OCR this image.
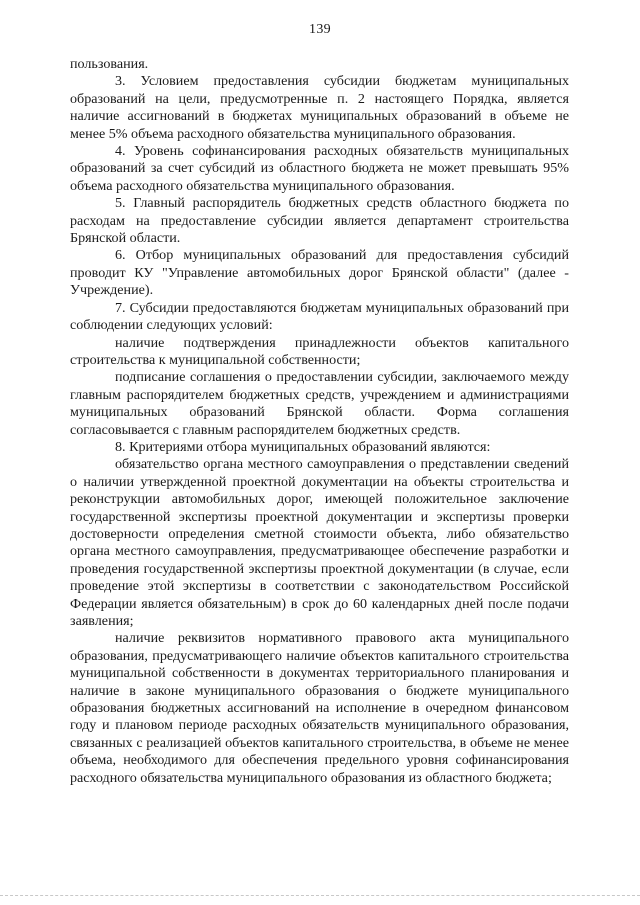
139

пользования.

3. Условием предоставления субсидии бюджетам муниципальных образований на цели, предусмотренные п. 2 настоящего Порядка, является наличие ассигнований в бюджетах муниципальных образований в объеме не менее 5% объема расходного обязательства муниципального образования.

4. Уровень софинансирования расходных обязательств муниципальных образований за счет субсидий из областного бюджета не может превышать 95% объема расходного обязательства муниципального образования.

5. Главный распорядитель бюджетных средств областного бюджета по расходам на предоставление субсидии является департамент строительства Брянской области.

6. Отбор муниципальных образований для предоставления субсидий проводит КУ "Управление автомобильных дорог Брянской области" (далее - Учреждение).

7. Субсидии предоставляются бюджетам муниципальных образований при соблюдении следующих условий:

наличие подтверждения принадлежности объектов капитального строительства к муниципальной собственности;

подписание соглашения о предоставлении субсидии, заключаемого между главным распорядителем бюджетных средств, учреждением и администрациями муниципальных образований Брянской области. Форма соглашения согласовывается с главным распорядителем бюджетных средств.

8. Критериями отбора муниципальных образований являются:

обязательство органа местного самоуправления о представлении сведений о наличии утвержденной проектной документации на объекты строительства и реконструкции автомобильных дорог, имеющей положительное заключение государственной экспертизы проектной документации и экспертизы проверки достоверности определения сметной стоимости объекта, либо обязательство органа местного самоуправления, предусматривающее обеспечение разработки и проведения государственной экспертизы проектной документации (в случае, если проведение этой экспертизы в соответствии с законодательством Российской Федерации является обязательным) в срок до 60 календарных дней после подачи заявления;

наличие реквизитов нормативного правового акта муниципального образования, предусматривающего наличие объектов капитального строительства муниципальной собственности в документах территориального планирования и наличие в законе муниципального образования о бюджете муниципального образования бюджетных ассигнований на исполнение в очередном финансовом году и плановом периоде расходных обязательств муниципального образования, связанных с реализацией объектов капитального строительства, в объеме не менее объема, необходимого для обеспечения предельного уровня софинансирования расходного обязательства муниципального образования из областного бюджета;
